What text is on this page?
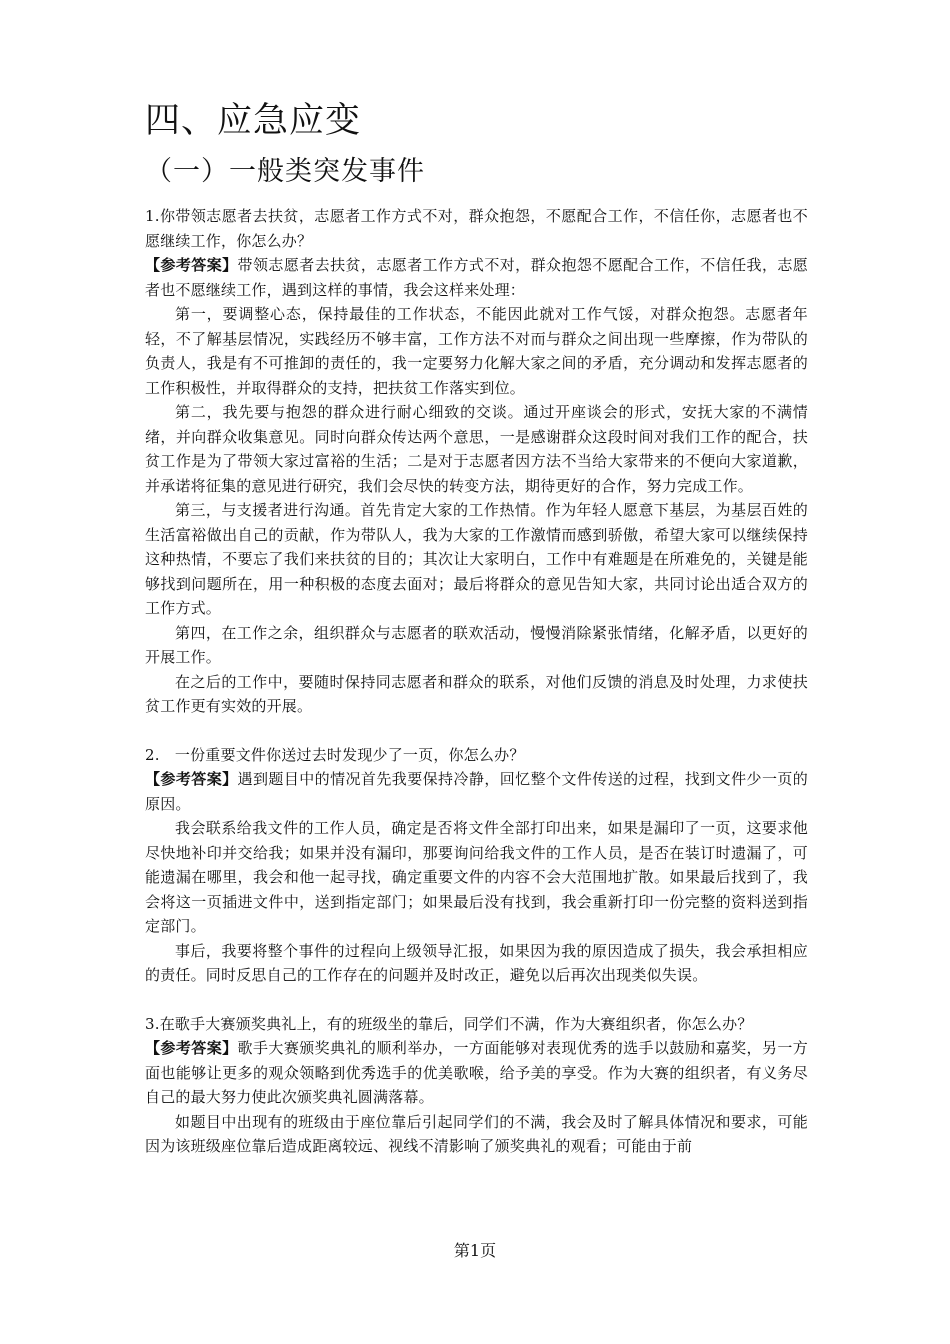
四、应急应变
（一）一般类突发事件

1.你带领志愿者去扶贫，志愿者工作方式不对，群众抱怨，不愿配合工作，不信任你，志愿者也不愿继续工作，你怎么办？

【参考答案】带领志愿者去扶贫，志愿者工作方式不对，群众抱怨不愿配合工作，不信任我，志愿者也不愿继续工作，遇到这样的事情，我会这样来处理：

第一，要调整心态，保持最佳的工作状态，不能因此就对工作气馁，对群众抱怨。志愿者年轻，不了解基层情况，实践经历不够丰富，工作方法不对而与群众之间出现一些摩擦，作为带队的负责人，我是有不可推卸的责任的，我一定要努力化解大家之间的矛盾，充分调动和发挥志愿者的工作积极性，并取得群众的支持，把扶贫工作落实到位。

第二，我先要与抱怨的群众进行耐心细致的交谈。通过开座谈会的形式，安抚大家的不满情绪，并向群众收集意见。同时向群众传达两个意思，一是感谢群众这段时间对我们工作的配合，扶贫工作是为了带领大家过富裕的生活；二是对于志愿者因方法不当给大家带来的不便向大家道歉，并承诺将征集的意见进行研究，我们会尽快的转变方法，期待更好的合作，努力完成工作。

第三，与支援者进行沟通。首先肯定大家的工作热情。作为年轻人愿意下基层，为基层百姓的生活富裕做出自己的贡献，作为带队人，我为大家的工作激情而感到骄傲，希望大家可以继续保持这种热情，不要忘了我们来扶贫的目的；其次让大家明白，工作中有难题是在所难免的，关键是能够找到问题所在，用一种积极的态度去面对；最后将群众的意见告知大家，共同讨论出适合双方的工作方式。

第四，在工作之余，组织群众与志愿者的联欢活动，慢慢消除紧张情绪，化解矛盾，以更好的开展工作。

在之后的工作中，要随时保持同志愿者和群众的联系，对他们反馈的消息及时处理，力求使扶贫工作更有实效的开展。

2.　一份重要文件你送过去时发现少了一页，你怎么办？

【参考答案】遇到题目中的情况首先我要保持冷静，回忆整个文件传送的过程，找到文件少一页的原因。

我会联系给我文件的工作人员，确定是否将文件全部打印出来，如果是漏印了一页，这要求他尽快地补印并交给我；如果并没有漏印，那要询问给我文件的工作人员，是否在装订时遗漏了，可能遗漏在哪里，我会和他一起寻找，确定重要文件的内容不会大范围地扩散。如果最后找到了，我会将这一页插进文件中，送到指定部门；如果最后没有找到，我会重新打印一份完整的资料送到指定部门。

事后，我要将整个事件的过程向上级领导汇报，如果因为我的原因造成了损失，我会承担相应的责任。同时反思自己的工作存在的问题并及时改正，避免以后再次出现类似失误。

3.在歌手大赛颁奖典礼上，有的班级坐的靠后，同学们不满，作为大赛组织者，你怎么办？

【参考答案】歌手大赛颁奖典礼的顺利举办，一方面能够对表现优秀的选手以鼓励和嘉奖，另一方面也能够让更多的观众领略到优秀选手的优美歌喉，给予美的享受。作为大赛的组织者，有义务尽自己的最大努力使此次颁奖典礼圆满落幕。

如题目中出现有的班级由于座位靠后引起同学们的不满，我会及时了解具体情况和要求，可能因为该班级座位靠后造成距离较远、视线不清影响了颁奖典礼的观看；可能由于前

第1页
